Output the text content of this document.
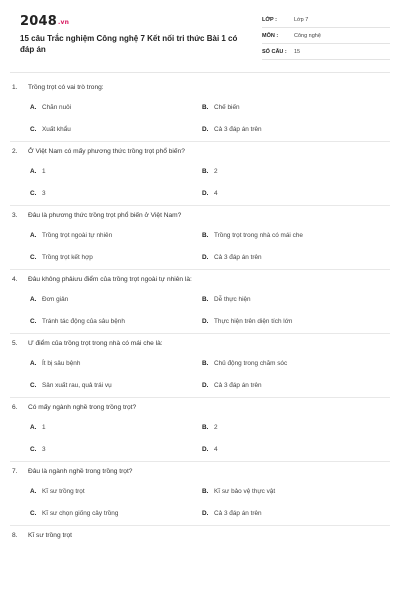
2048.vn
15 câu Trắc nghiệm Công nghệ 7 Kết nối tri thức Bài 1 có đáp án
LỚP :	Lớp 7
MÔN :	Công nghệ
SỐ CÂU : 15
1.	Trồng trọt có vai trò trong:
A. Chăn nuôi	B. Chế biến
C. Xuất khẩu	D. Cả 3 đáp án trên
2.	Ở Việt Nam có mấy phương thức trồng trọt phổ biến?
A. 1	B. 2
C. 3	D. 4
3.	Đâu là phương thức trồng trọt phổ biến ở Việt Nam?
A. Trồng trọt ngoài tự nhiên	B. Trồng trọt trong nhà có mái che
C. Trồng trọt kết hợp	D. Cả 3 đáp án trên
4.	Đâu không phảiưu điểm của trồng trọt ngoài tự nhiên là:
A. Đơn giản	B. Dễ thực hiện
C. Tránh tác động của sâu bệnh	D. Thực hiện trên diện tích lớn
5.	Ư điểm của trồng trọt trong nhà có mái che là:
A. Ít bị sâu bệnh	B. Chủ động trong chăm sóc
C. Sản xuất rau, quả trái vụ	D. Cả 3 đáp án trên
6.	Có mấy ngành nghề trong trồng trọt?
A. 1	B. 2
C. 3	D. 4
7.	Đâu là ngành nghề trong trồng trọt?
A. Kĩ sư trồng trọt	B. Kĩ sư bảo vệ thực vật
C. Kĩ sư chọn giống cây trồng	D. Cả 3 đáp án trên
8.	Kĩ sư trồng trọt
